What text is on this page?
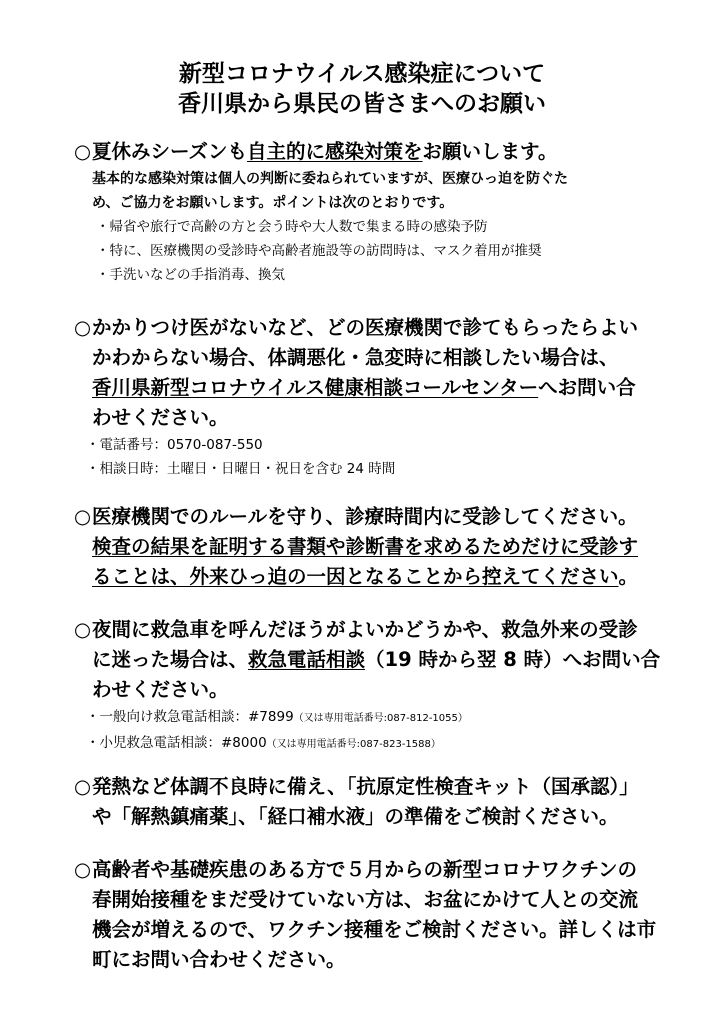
新型コロナウイルス感染症について
香川県から県民の皆さまへのお願い

○夏休みシーズンも自主的に感染対策をお願いします。

基本的な感染対策は個人の判断に委ねられていますが、医療ひっ迫を防ぐた
め、ご協力をお願いします。ポイントは次のとおりです。
・帰省や旅行で高齢の方と会う時や大人数で集まる時の感染予防
・特に、医療機関の受診時や高齢者施設等の訪問時は、マスク着用が推奨
・手洗いなどの手指消毒、換気

○かかりつけ医がないなど、どの医療機関で診てもらったらよい

かわからない場合、体調悪化・急変時に相談したい場合は、

香川県新型コロナウイルス健康相談コールセンターへお問い合

わせください。

・電話番号：0570-087-550
・相談日時：土曜日・日曜日・祝日を含む 24 時間

○医療機関でのルールを守り、診療時間内に受診してください。

検査の結果を証明する書類や診断書を求めるためだけに受診す

ることは、外来ひっ迫の一因となることから控えてください。

○夜間に救急車を呼んだほうがよいかどうかや、救急外来の受診

に迷った場合は、救急電話相談（19 時から翌 8 時）へお問い合

わせください。

・一般向け救急電話相談：#7899（又は専用電話番号:087-812-1055）
・小児救急電話相談：#8000（又は専用電話番号:087-823-1588）

○発熱など体調不良時に備え、「抗原定性検査キット（国承認）」

や「解熱鎮痛薬」、「経口補水液」の準備をご検討ください。

○高齢者や基礎疾患のある方で５月からの新型コロナワクチンの

春開始接種をまだ受けていない方は、お盆にかけて人との交流

機会が増えるので、ワクチン接種をご検討ください。詳しくは市

町にお問い合わせください。
